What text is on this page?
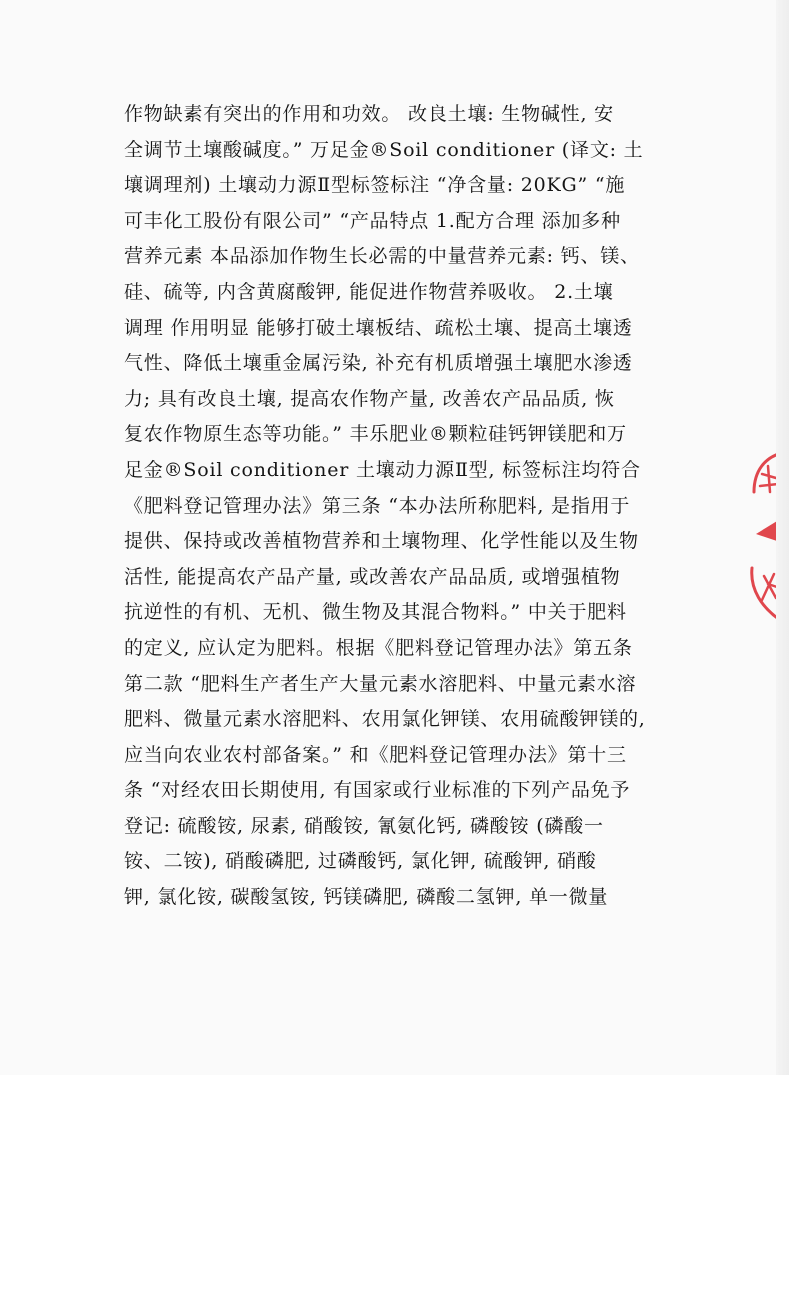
作物缺素有突出的作用和功效。 改良土壤: 生物碱性, 安
全调节土壤酸碱度。” 万足金®Soil conditioner (译文: 土
壤调理剂) 土壤动力源Ⅱ型标签标注 “净含量: 20KG” “施
可丰化工股份有限公司” “产品特点 1.配方合理 添加多种
营养元素 本品添加作物生长必需的中量营养元素: 钙、镁、
硅、硫等, 内含黄腐酸钾, 能促进作物营养吸收。 2.土壤
调理 作用明显 能够打破土壤板结、疏松土壤、提高土壤透
气性、降低土壤重金属污染, 补充有机质增强土壤肥水渗透
力; 具有改良土壤, 提高农作物产量, 改善农产品品质, 恢
复农作物原生态等功能。” 丰乐肥业®颗粒硅钙钾镁肥和万
足金®Soil conditioner 土壤动力源Ⅱ型, 标签标注均符合
《肥料登记管理办法》第三条 “本办法所称肥料, 是指用于
提供、保持或改善植物营养和土壤物理、化学性能以及生物
活性, 能提高农产品产量, 或改善农产品品质, 或增强植物
抗逆性的有机、无机、微生物及其混合物料。” 中关于肥料
的定义, 应认定为肥料。根据《肥料登记管理办法》第五条
第二款 “肥料生产者生产大量元素水溶肥料、中量元素水溶
肥料、微量元素水溶肥料、农用氯化钾镁、农用硫酸钾镁的,
应当向农业农村部备案。” 和《肥料登记管理办法》第十三
条 “对经农田长期使用, 有国家或行业标准的下列产品免予
登记: 硫酸铵, 尿素, 硝酸铵, 氰氨化钙, 磷酸铵 (磷酸一
铵、二铵), 硝酸磷肥, 过磷酸钙, 氯化钾, 硫酸钾, 硝酸
钾, 氯化铵, 碳酸氢铵, 钙镁磷肥, 磷酸二氢钾, 单一微量
